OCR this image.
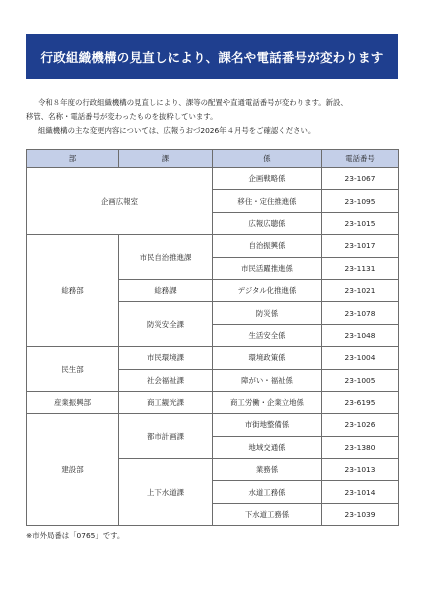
行政組織機構の見直しにより、課名や電話番号が変わります

令和８年度の行政組織機構の見直しにより、課等の配置や直通電話番号が変わります。新設、

移管、名称・電話番号が変わったものを抜粋しています。

組織機構の主な変更内容については、広報うおづ2026年４月号をご確認ください。

部	課	係	電話番号
企画広報室		企画戦略係	23-1067
		移住・定住推進係	23-1095
		広報広聴係	23-1015
総務部	市民自治推進課	自治振興係	23-1017
		市民活躍推進係	23-1131
	総務課	デジタル化推進係	23-1021
	防災安全課	防災係	23-1078
		生活安全係	23-1048
民生部	市民環境課	環境政策係	23-1004
	社会福祉課	障がい・福祉係	23-1005
産業振興部	商工観光課	商工労働・企業立地係	23-6195
建設部	都市計画課	市街地整備係	23-1026
		地域交通係	23-1380
	上下水道課	業務係	23-1013
		水道工務係	23-1014
		下水道工務係	23-1039
※市外局番は「0765」です。
